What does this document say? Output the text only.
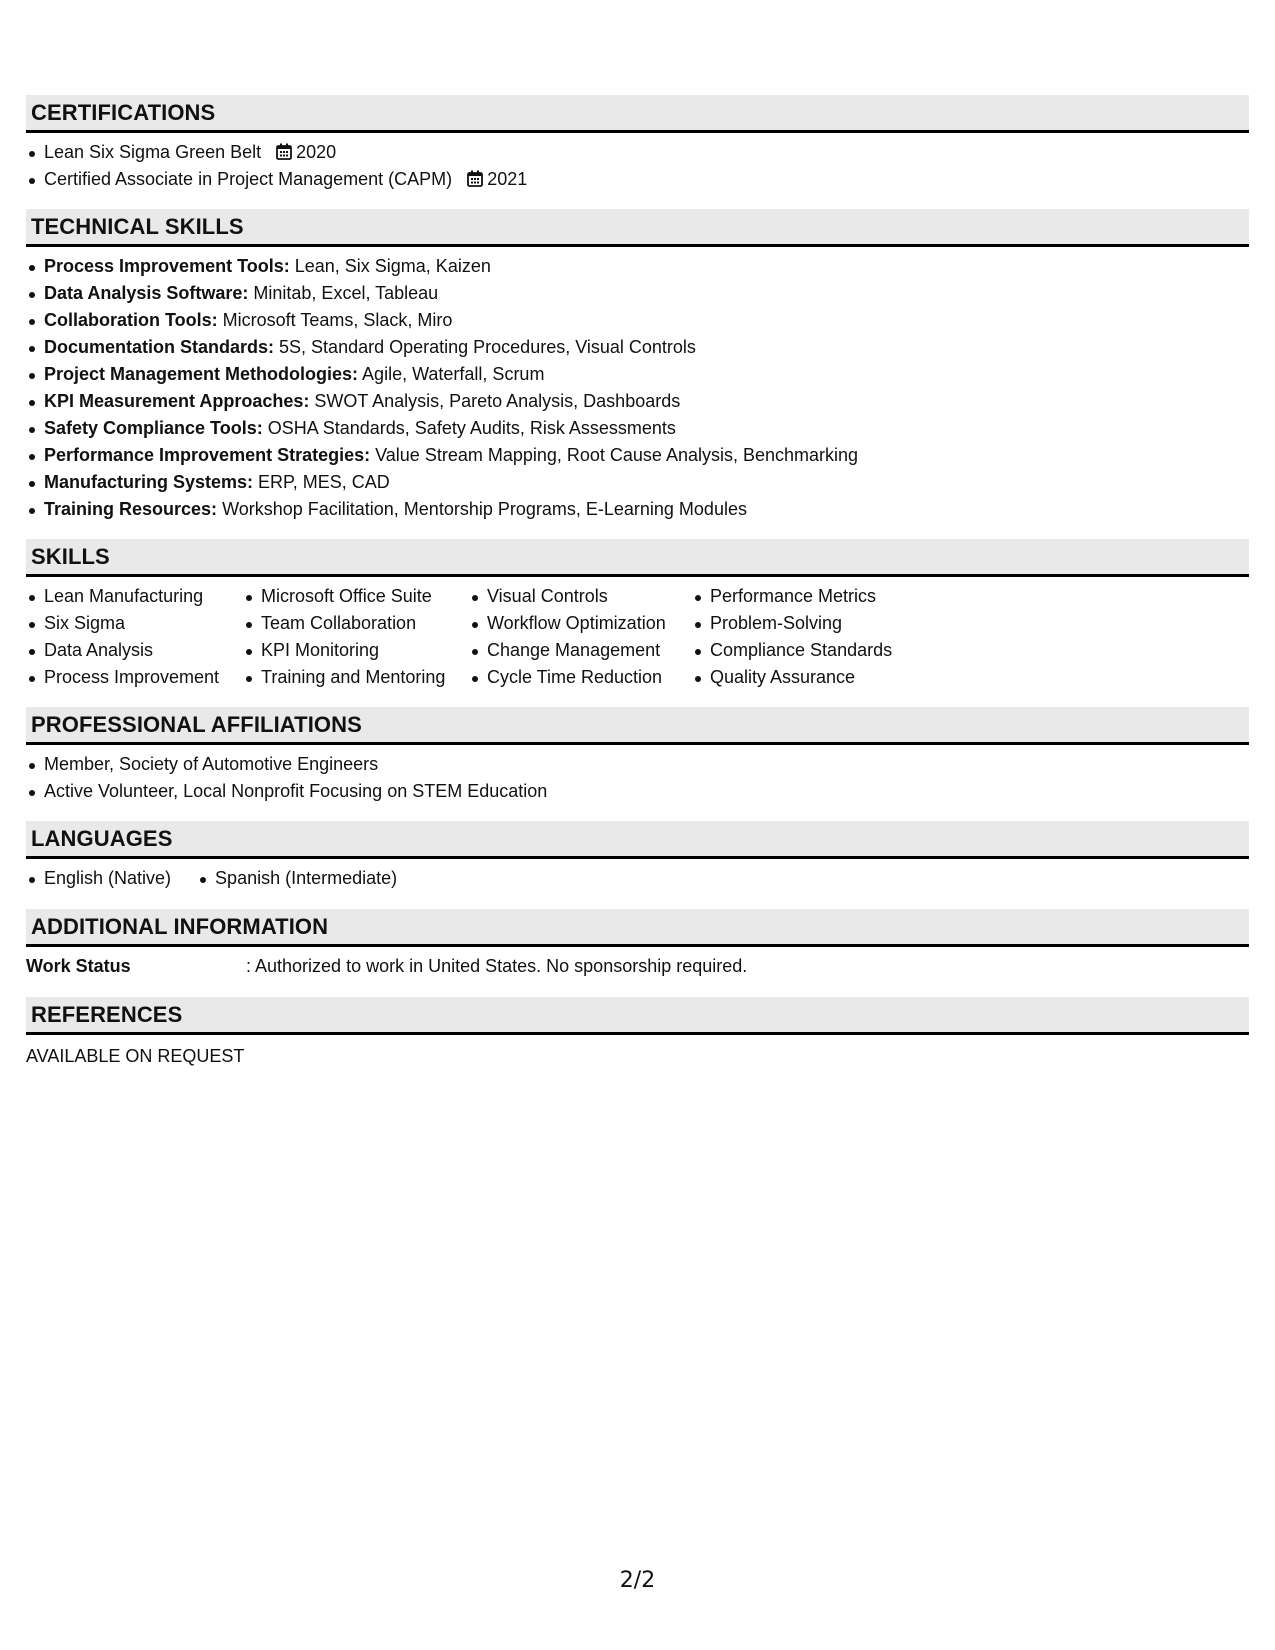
CERTIFICATIONS
Lean Six Sigma Green Belt 2020
Certified Associate in Project Management (CAPM) 2021
TECHNICAL SKILLS
Process Improvement Tools: Lean, Six Sigma, Kaizen
Data Analysis Software: Minitab, Excel, Tableau
Collaboration Tools: Microsoft Teams, Slack, Miro
Documentation Standards: 5S, Standard Operating Procedures, Visual Controls
Project Management Methodologies: Agile, Waterfall, Scrum
KPI Measurement Approaches: SWOT Analysis, Pareto Analysis, Dashboards
Safety Compliance Tools: OSHA Standards, Safety Audits, Risk Assessments
Performance Improvement Strategies: Value Stream Mapping, Root Cause Analysis, Benchmarking
Manufacturing Systems: ERP, MES, CAD
Training Resources: Workshop Facilitation, Mentorship Programs, E-Learning Modules
SKILLS
Lean Manufacturing
Six Sigma
Data Analysis
Process Improvement
Microsoft Office Suite
Team Collaboration
KPI Monitoring
Training and Mentoring
Visual Controls
Workflow Optimization
Change Management
Cycle Time Reduction
Performance Metrics
Problem-Solving
Compliance Standards
Quality Assurance
PROFESSIONAL AFFILIATIONS
Member, Society of Automotive Engineers
Active Volunteer, Local Nonprofit Focusing on STEM Education
LANGUAGES
English (Native)	Spanish (Intermediate)
ADDITIONAL INFORMATION
Work Status	: Authorized to work in United States. No sponsorship required.
REFERENCES
AVAILABLE ON REQUEST
2/2
